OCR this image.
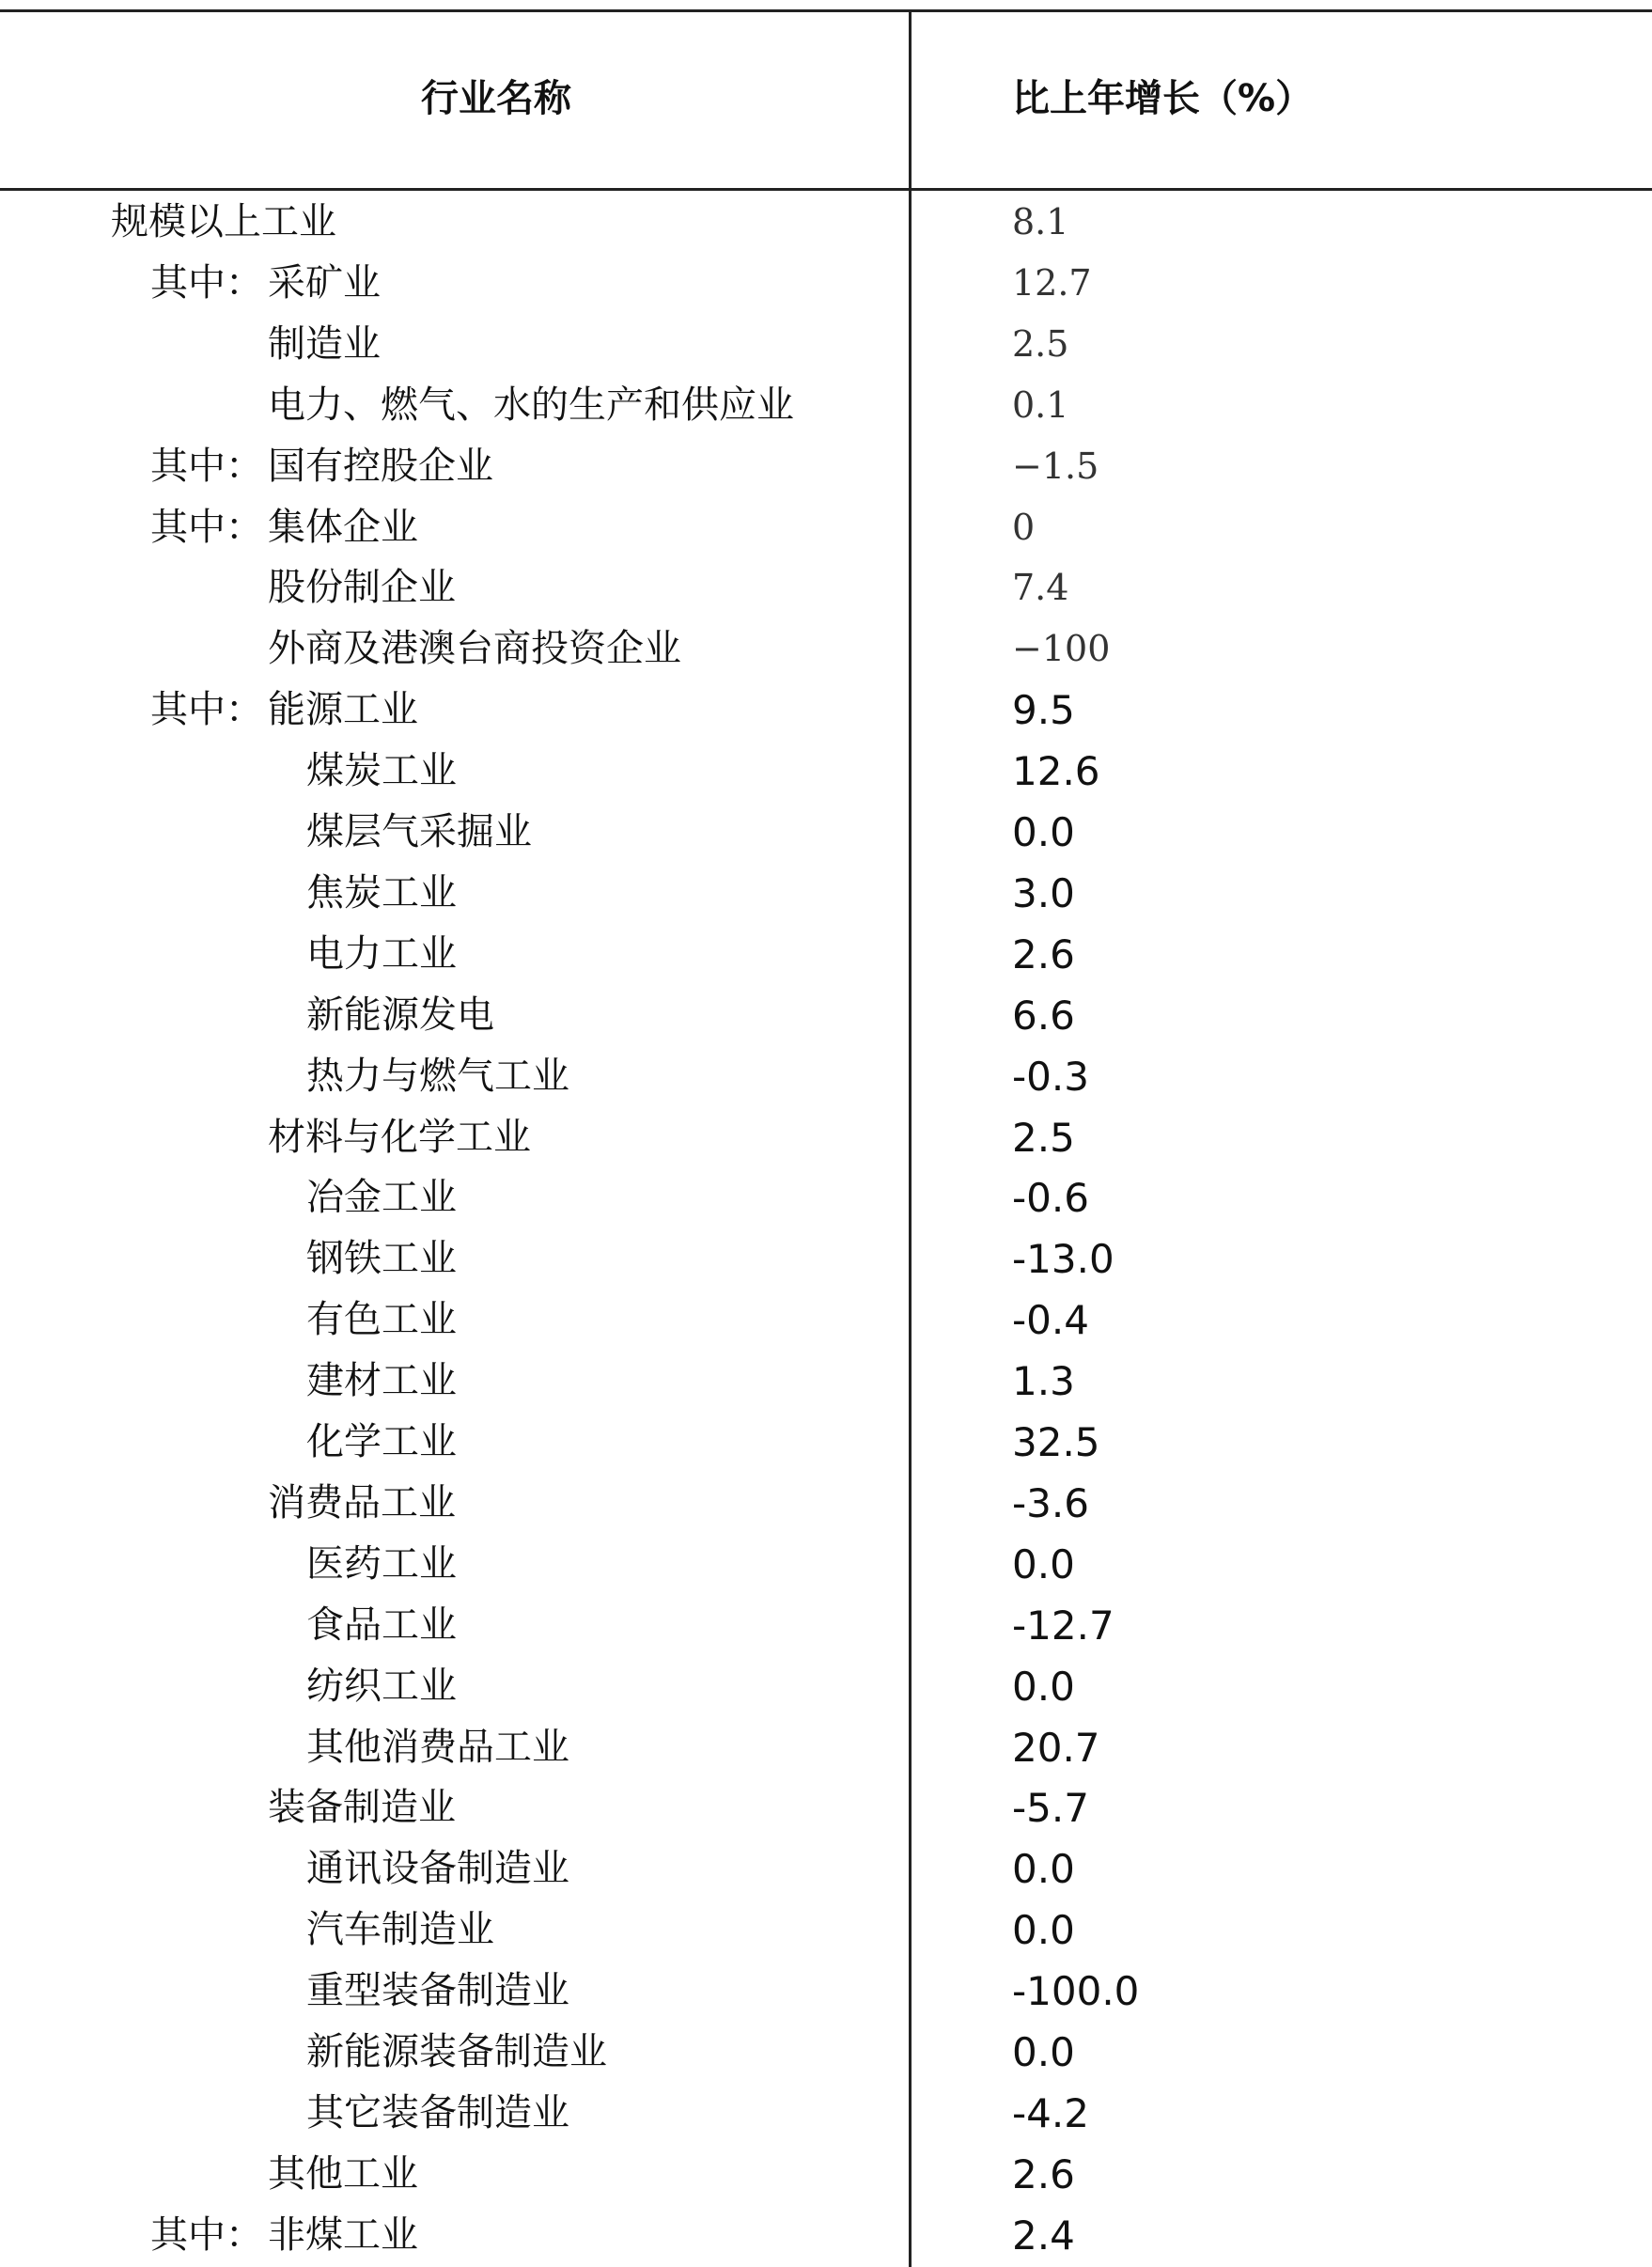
行业名称	比上年增长（%）
规模以上工业	8.1
其中： 采矿业	12.7
制造业	2.5
电力、燃气、水的生产和供应业	0.1
其中： 国有控股企业	−1.5
其中： 集体企业	0
股份制企业	7.4
外商及港澳台商投资企业	−100
其中： 能源工业	9.5
煤炭工业	12.6
煤层气采掘业	0.0
焦炭工业	3.0
电力工业	2.6
新能源发电	6.6
热力与燃气工业	-0.3
材料与化学工业	2.5
冶金工业	-0.6
钢铁工业	-13.0
有色工业	-0.4
建材工业	1.3
化学工业	32.5
消费品工业	-3.6
医药工业	0.0
食品工业	-12.7
纺织工业	0.0
其他消费品工业	20.7
装备制造业	-5.7
通讯设备制造业	0.0
汽车制造业	0.0
重型装备制造业	-100.0
新能源装备制造业	0.0
其它装备制造业	-4.2
其他工业	2.6
其中： 非煤工业	2.4
